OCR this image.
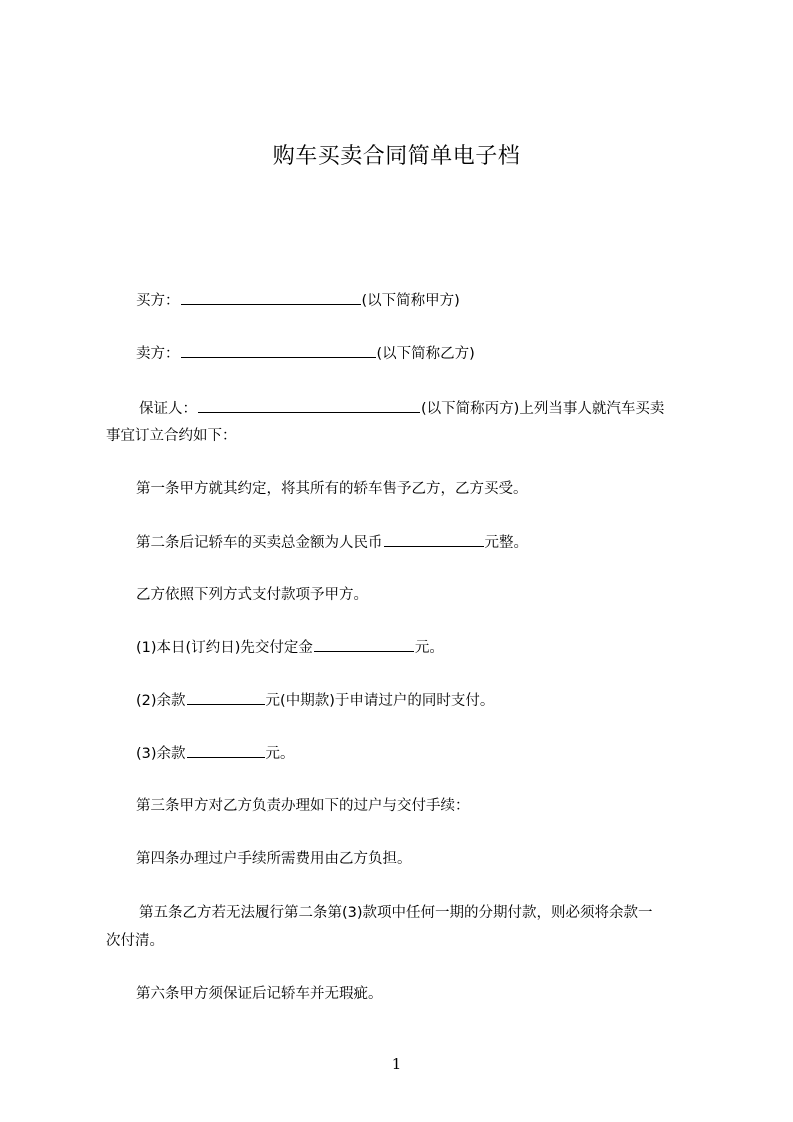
购车买卖合同简单电子档
买方：	(以下简称甲方)
卖方：	(以下简称乙方)
保证人：	(以下简称丙方)上列当事人就汽车买卖
事宜订立合约如下：
第一条甲方就其约定，将其所有的轿车售予乙方，乙方买受。
第二条后记轿车的买卖总金额为人民币	元整。
乙方依照下列方式支付款项予甲方。
(1)本日(订约日)先交付定金	元。
(2)余款	元(中期款)于申请过户的同时支付。
(3)余款	元。
第三条甲方对乙方负责办理如下的过户与交付手续：
第四条办理过户手续所需费用由乙方负担。
第五条乙方若无法履行第二条第(3)款项中任何一期的分期付款，则必须将余款一
次付清。
第六条甲方须保证后记轿车并无瑕疵。
1
